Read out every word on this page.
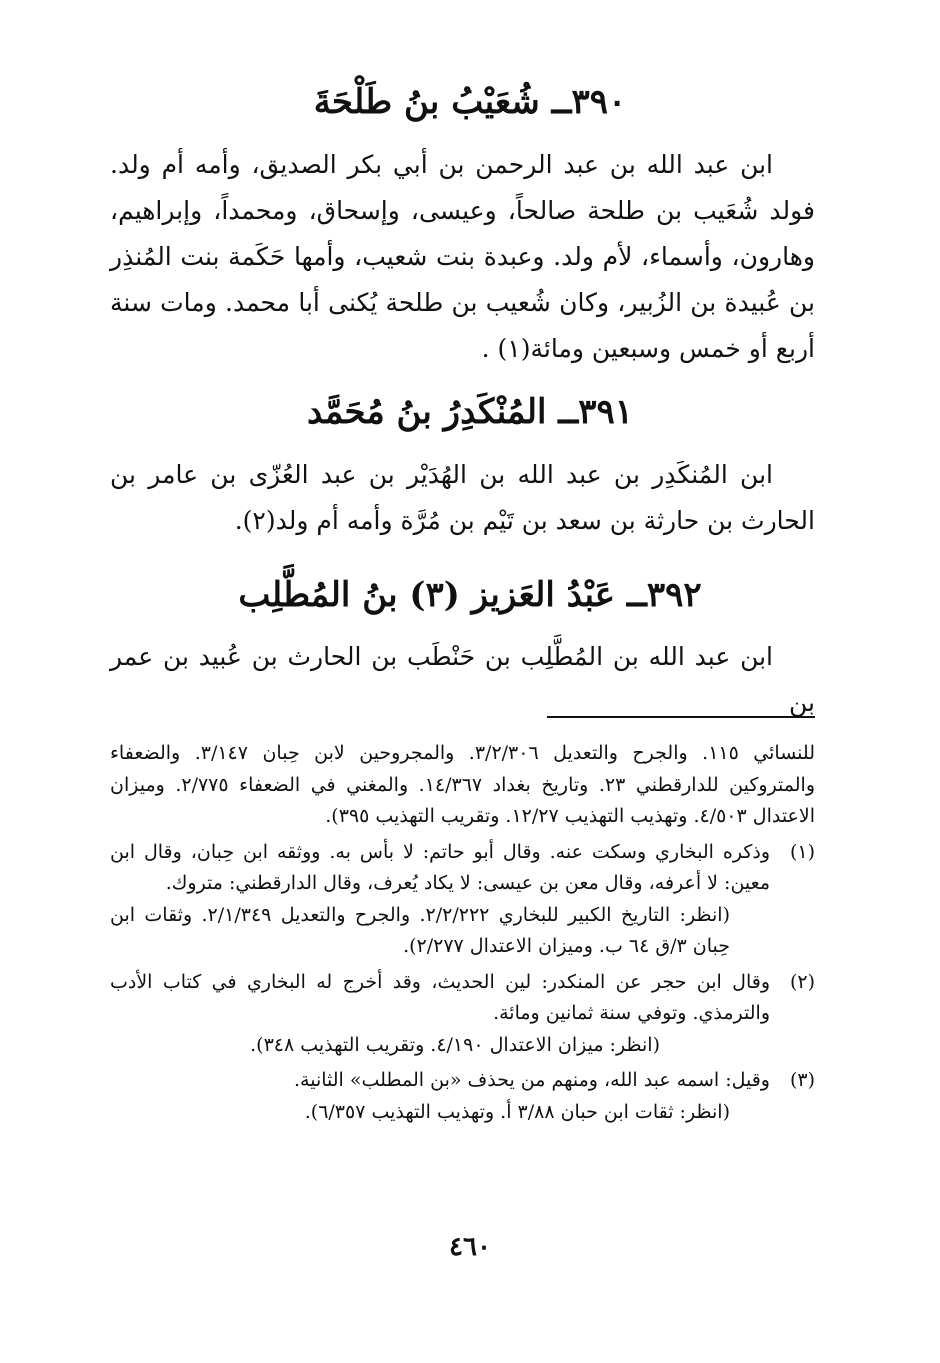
٣٩٠ــ شُعَيْبُ بنُ طَلْحَةَ
ابن عبد الله بن عبد الرحمن بن أبي بكر الصديق، وأمه أم ولد. فولد شُعَيب بن طلحة صالحاً، وعيسى، وإسحاق، ومحمداً، وإبراهيم، وهارون، وأسماء، لأم ولد. وعبدة بنت شعيب، وأمها حَكَمة بنت المُنذِر بن عُبيدة بن الزُبير، وكان شُعيب بن طلحة يُكنى أبا محمد. ومات سنة أربع أو خمس وسبعين ومائة(١) .
٣٩١ــ المُنْكَدِرُ بنُ مُحَمَّد
ابن المُنكَدِر بن عبد الله بن الهُدَيْر بن عبد العُزّى بن عامر بن الحارث بن حارثة بن سعد بن تَيْم بن مُرَّة وأمه أم ولد(٢).
٣٩٢ــ عَبْدُ العَزيز (٣) بنُ المُطَّلِب
ابن عبد الله بن المُطَّلِب بن حَنْطَب بن الحارث بن عُبيد بن عمر بن
للنسائي ١١٥. والجرح والتعديل ٣/٢/٣٠٦. والمجروحين لابن حِبان ٣/١٤٧. والضعفاء والمتروكين للدارقطني ٢٣. وتاريخ بغداد ١٤/٣٦٧. والمغني في الضعفاء ٢/٧٧٥. وميزان الاعتدال ٤/٥٠٣. وتهذيب التهذيب ١٢/٢٧. وتقريب التهذيب ٣٩٥).
(١)
وذكره البخاري وسكت عنه. وقال أبو حاتم: لا بأس به. ووثقه ابن حِبان، وقال ابن معين: لا أعرفه، وقال معن بن عيسى: لا يكاد يُعرف، وقال الدارقطني: متروك.
(انظر: التاريخ الكبير للبخاري ٢/٢/٢٢٢. والجرح والتعديل ٢/١/٣٤٩. وثقات ابن حِبان ٣/ق ٦٤ ب. وميزان الاعتدال ٢/٢٧٧).
(٢)
وقال ابن حجر عن المنكدر: لين الحديث، وقد أخرج له البخاري في كتاب الأدب والترمذي. وتوفي سنة ثمانين ومائة.
(انظر: ميزان الاعتدال ٤/١٩٠. وتقريب التهذيب ٣٤٨).
(٣)
وقيل: اسمه عبد الله، ومنهم من يحذف «بن المطلب» الثانية.
(انظر: ثقات ابن حبان ٣/٨٨ أ. وتهذيب التهذيب ٦/٣٥٧).
٤٦٠
